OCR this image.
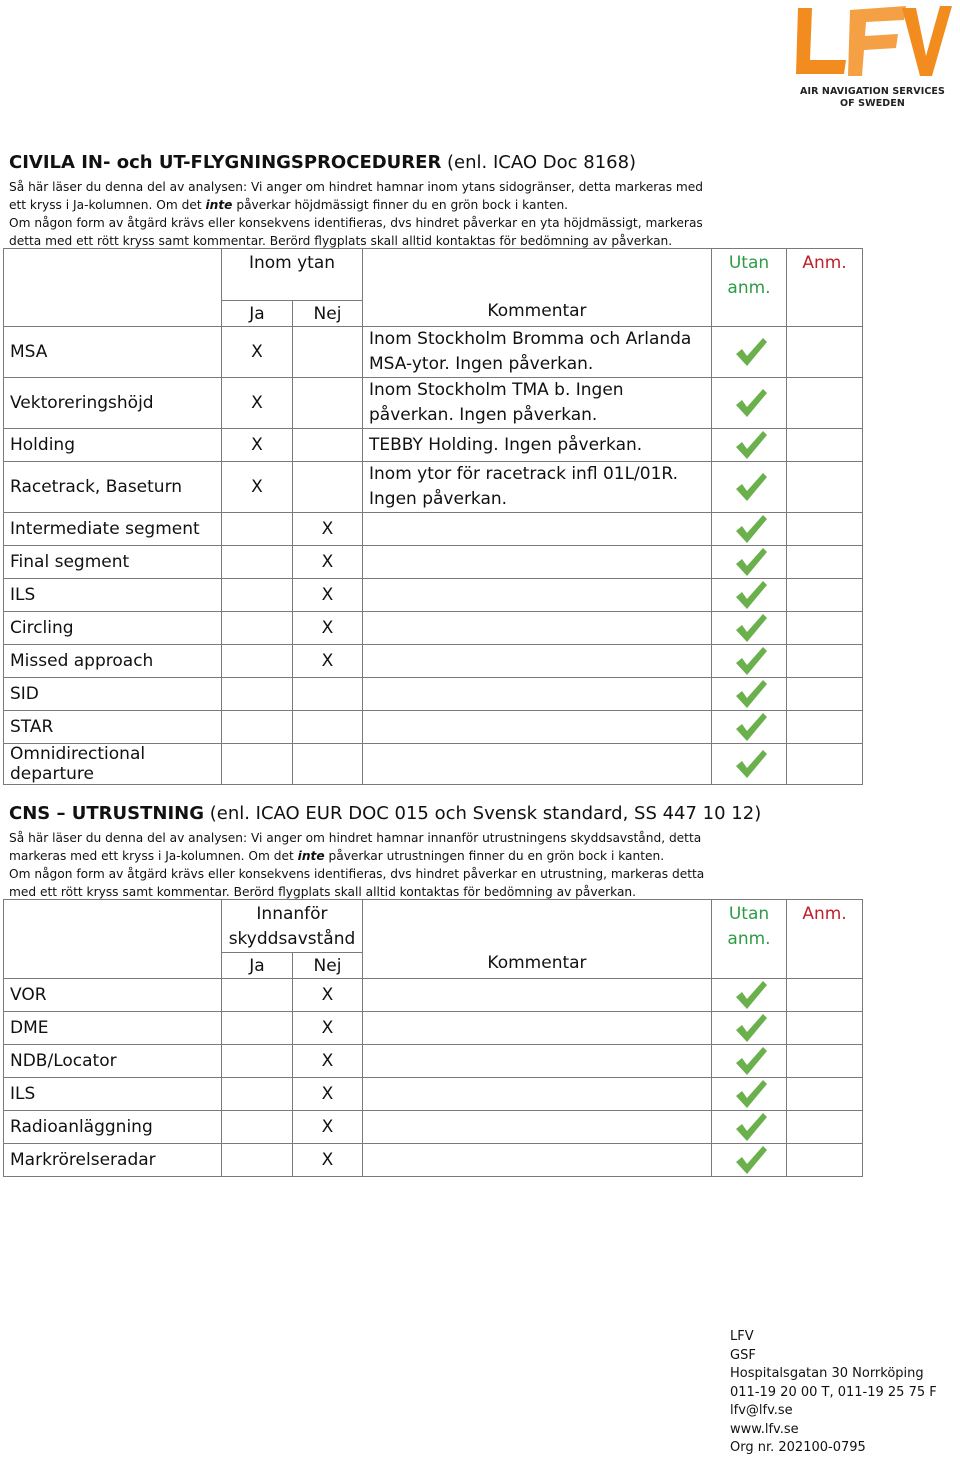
AIR NAVIGATION SERVICES
OF SWEDEN

CIVILA IN- och UT-FLYGNINGSPROCEDURER (enl. ICAO Doc 8168)

Så här läser du denna del av analysen: Vi anger om hindret hamnar inom ytans sidogränser, detta markeras med ett kryss i Ja-kolumnen. Om det inte påverkar höjdmässigt finner du en grön bock i kanten.

Om någon form av åtgärd krävs eller konsekvens identifieras, dvs hindret påverkar en yta höjdmässigt, markeras detta med ett rött kryss samt kommentar. Berörd flygplats skall alltid kontaktas för bedömning av påverkan.

	Inom ytan		Kommentar	Utan anm.	Anm.
	Ja	Nej			
MSA	X		Inom Stockholm Bromma och Arlanda MSA-ytor. Ingen påverkan.	

Vektoreringshöjd	X		Inom Stockholm TMA b. Ingen påverkan. Ingen påverkan.	

Holding	X		TEBBY Holding. Ingen påverkan.	

Racetrack, Baseturn	X		Inom ytor för racetrack infl 01L/01R. Ingen påverkan.	

Intermediate segment		X		

Final segment		X		

ILS		X		

Circling		X		

Missed approach		X		

SID				

STAR				

Omnidirectional departure				

CNS – UTRUSTNING (enl. ICAO EUR DOC 015 och Svensk standard, SS 447 10 12)

Så här läser du denna del av analysen: Vi anger om hindret hamnar innanför utrustningens skyddsavstånd, detta markeras med ett kryss i Ja-kolumnen. Om det inte påverkar utrustningen finner du en grön bock i kanten.

Om någon form av åtgärd krävs eller konsekvens identifieras, dvs hindret påverkar en utrustning, markeras detta med ett rött kryss samt kommentar. Berörd flygplats skall alltid kontaktas för bedömning av påverkan.

	Innanför skyddsavstånd		Kommentar	Utan anm.	Anm.
	Ja	Nej			
VOR		X		

DME		X		

NDB/Locator		X		

ILS		X		

Radioanläggning		X		

Markrörelseradar		X		

LFV
GSF
Hospitalsgatan 30 Norrköping
011-19 20 00 T, 011-19 25 75 F
lfv@lfv.se
www.lfv.se
Org nr. 202100-0795
